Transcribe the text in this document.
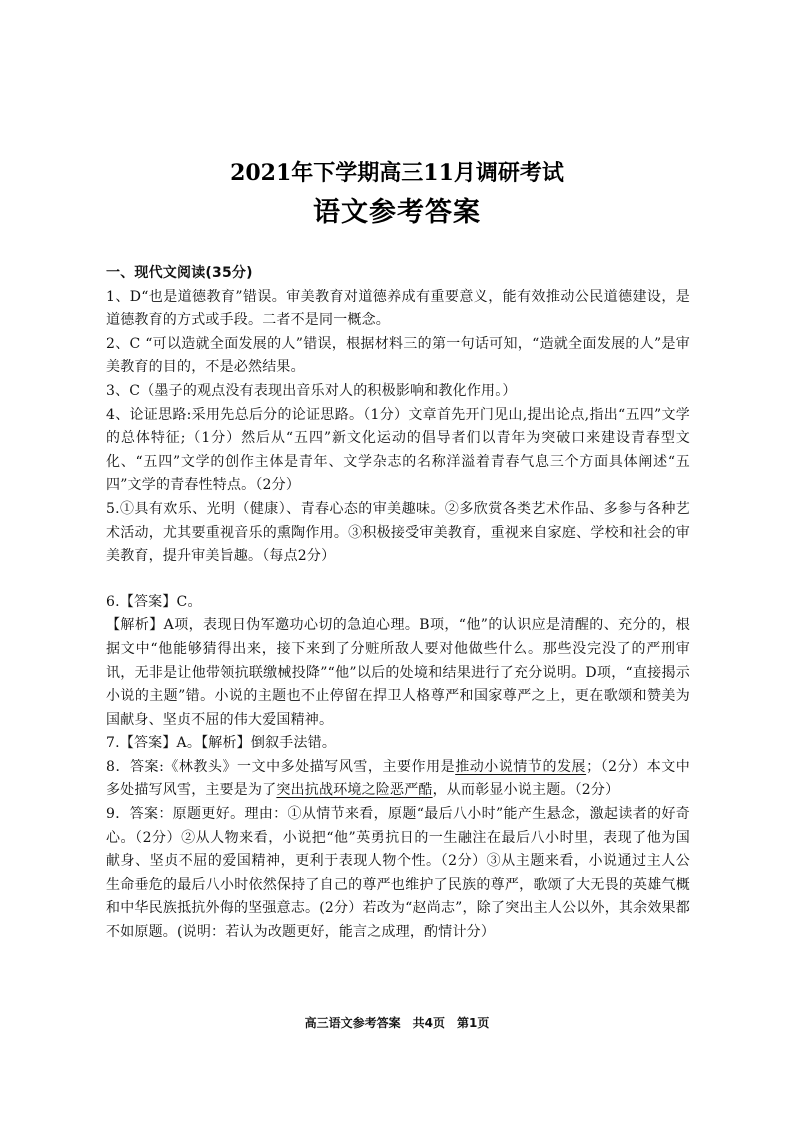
2021年下学期高三11月调研考试
语文参考答案

一、现代文阅读(35分)

1、D“也是道德教育”错误。审美教育对道德养成有重要意义，能有效推动公民道德建设，是道德教育的方式或手段。二者不是同一概念。

2、C “可以造就全面发展的人”错误，根据材料三的第一句话可知，“造就全面发展的人”是审美教育的目的，不是必然结果。

3、C（墨子的观点没有表现出音乐对人的积极影响和教化作用。）

4、论证思路:采用先总后分的论证思路。（1分）文章首先开门见山,提出论点,指出“五四”文学的总体特征;（1分）然后从“五四”新文化运动的倡导者们以青年为突破口来建设青春型文化、“五四”文学的创作主体是青年、文学杂志的名称洋溢着青春气息三个方面具体阐述“五四”文学的青春性特点。（2分）

5.①具有欢乐、光明（健康）、青春心态的审美趣味。②多欣赏各类艺术作品、多参与各种艺术活动，尤其要重视音乐的熏陶作用。③积极接受审美教育，重视来自家庭、学校和社会的审美教育，提升审美旨趣。（每点2分）

6.【答案】C。

【解析】A项，表现日伪军邀功心切的急迫心理。B项，“他”的认识应是清醒的、充分的，根据文中“他能够猜得出来，接下来到了分赃所敌人要对他做些什么。那些没完没了的严刑审讯，无非是让他带领抗联缴械投降”“他”以后的处境和结果进行了充分说明。D项，“直接揭示小说的主题”错。小说的主题也不止停留在捍卫人格尊严和国家尊严之上，更在歌颂和赞美为国献身、坚贞不屈的伟大爱国精神。

7.【答案】A。【解析】倒叙手法错。

8．答案:《林教头》一文中多处描写风雪，主要作用是推动小说情节的发展；（2分）本文中多处描写风雪，主要是为了突出抗战环境之险恶严酷，从而彰显小说主题。（2分）

9．答案：原题更好。理由：①从情节来看，原题“最后八小时”能产生悬念，激起读者的好奇心。（2分）②从人物来看，小说把“他”英勇抗日的一生融注在最后八小时里，表现了他为国献身、坚贞不屈的爱国精神，更利于表现人物个性。（2分）③从主题来看，小说通过主人公生命垂危的最后八小时依然保持了自己的尊严也维护了民族的尊严，歌颂了大无畏的英雄气概和中华民族抵抗外侮的坚强意志。(2分）若改为“赵尚志”，除了突出主人公以外，其余效果都不如原题。(说明：若认为改题更好，能言之成理，酌情计分）

高三语文参考答案　共4页　第1页
